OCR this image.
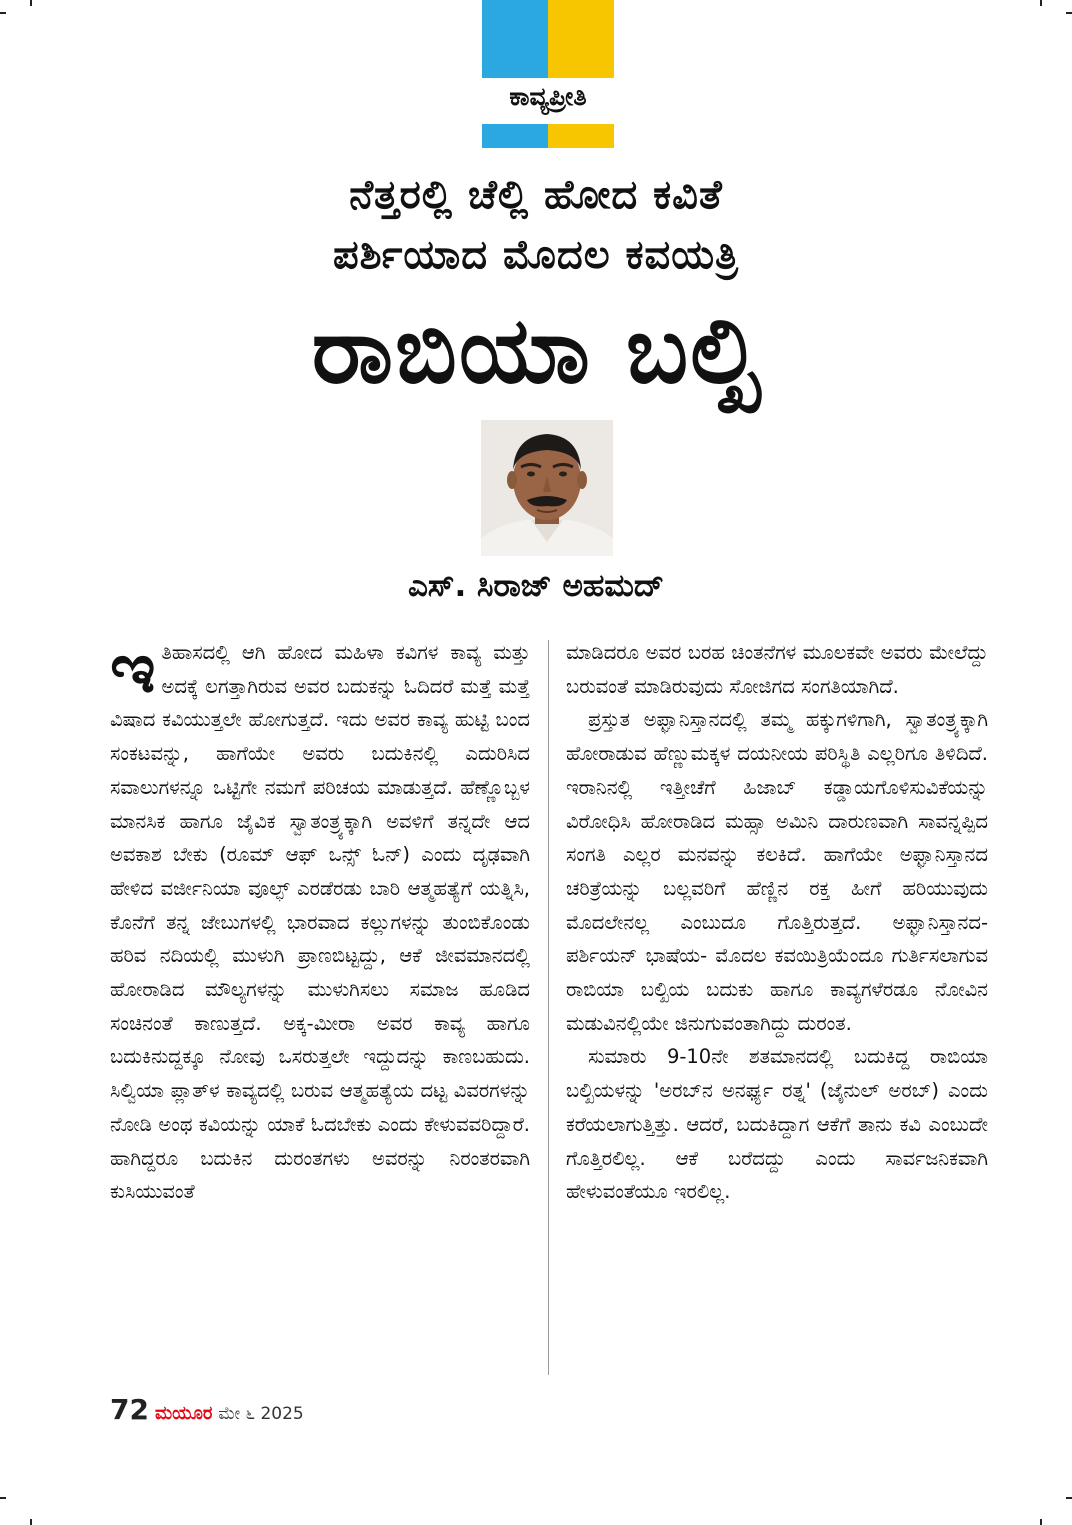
ಕಾವ್ಯಪ್ರೀತಿ
ನೆತ್ತರಲ್ಲಿ ಚೆಲ್ಲಿ ಹೋದ ಕವಿತೆ
ಪರ್ಶಿಯಾದ ಮೊದಲ ಕವಯತ್ರಿ
ರಾಬಿಯಾ ಬಲ್ಖಿ
ಎಸ್‌. ಸಿರಾಜ್ ಅಹಮದ್

ಇತಿಹಾಸದಲ್ಲಿ ಆಗಿ ಹೋದ ಮಹಿಳಾ ಕವಿಗಳ ಕಾವ್ಯ ಮತ್ತು ಅದಕ್ಕೆ ಲಗತ್ತಾಗಿರುವ ಅವರ ಬದುಕನ್ನು ಓದಿದರೆ ಮತ್ತೆ ಮತ್ತೆ ವಿಷಾದ ಕವಿಯುತ್ತಲೇ ಹೋಗುತ್ತದೆ. ಇದು ಅವರ ಕಾವ್ಯ ಹುಟ್ಟಿ ಬಂದ ಸಂಕಟವನ್ನು, ಹಾಗೆಯೇ ಅವರು ಬದುಕಿನಲ್ಲಿ ಎದುರಿಸಿದ ಸವಾಲುಗಳನ್ನೂ ಒಟ್ಟಿಗೇ ನಮಗೆ ಪರಿಚಯ ಮಾಡುತ್ತದೆ. ಹೆಣ್ಣೊಬ್ಬಳ ಮಾನಸಿಕ ಹಾಗೂ ಜೈವಿಕ ಸ್ವಾತಂತ್ರ್ಯಕ್ಕಾಗಿ ಅವಳಿಗೆ ತನ್ನದೇ ಆದ ಅವಕಾಶ ಬೇಕು (ರೂಮ್ ಆಫ್ ಒನ್ಸ್ ಓನ್) ಎಂದು ದೃಢವಾಗಿ ಹೇಳಿದ ವರ್ಜೀನಿಯಾ ವೂಲ್ಫ್ ಎರಡೆರಡು ಬಾರಿ ಆತ್ಮಹತ್ಯೆಗೆ ಯತ್ನಿಸಿ, ಕೊನೆಗೆ ತನ್ನ ಜೇಬುಗಳಲ್ಲಿ ಭಾರವಾದ ಕಲ್ಲುಗಳನ್ನು ತುಂಬಿಕೊಂಡು ಹರಿವ ನದಿಯಲ್ಲಿ ಮುಳುಗಿ ಪ್ರಾಣಬಿಟ್ಟದ್ದು, ಆಕೆ ಜೀವಮಾನದಲ್ಲಿ ಹೋರಾಡಿದ ಮೌಲ್ಯಗಳನ್ನು ಮುಳುಗಿಸಲು ಸಮಾಜ ಹೂಡಿದ ಸಂಚಿನಂತೆ ಕಾಣುತ್ತದೆ. ಅಕ್ಕ-ಮೀರಾ ಅವರ ಕಾವ್ಯ ಹಾಗೂ ಬದುಕಿನುದ್ದಕ್ಕೂ ನೋವು ಒಸರುತ್ತಲೇ ಇದ್ದುದನ್ನು ಕಾಣಬಹುದು. ಸಿಲ್ವಿಯಾ ಪ್ಲಾತ್‌ಳ ಕಾವ್ಯದಲ್ಲಿ ಬರುವ ಆತ್ಮಹತ್ಯೆಯ ದಟ್ಟ ವಿವರಗಳನ್ನು ನೋಡಿ ಅಂಥ ಕವಿಯನ್ನು ಯಾಕೆ ಓದಬೇಕು ಎಂದು ಕೇಳುವವರಿದ್ದಾರೆ. ಹಾಗಿದ್ದರೂ ಬದುಕಿನ ದುರಂತಗಳು ಅವರನ್ನು ನಿರಂತರವಾಗಿ ಕುಸಿಯುವಂತೆ

ಮಾಡಿದರೂ ಅವರ ಬರಹ ಚಿಂತನೆಗಳ ಮೂಲಕವೇ ಅವರು ಮೇಲೆದ್ದು ಬರುವಂತೆ ಮಾಡಿರುವುದು ಸೋಜಿಗದ ಸಂಗತಿಯಾಗಿದೆ.

ಪ್ರಸ್ತುತ ಅಫ್ಘಾನಿಸ್ತಾನದಲ್ಲಿ ತಮ್ಮ ಹಕ್ಕುಗಳಿಗಾಗಿ, ಸ್ವಾತಂತ್ರ್ಯಕ್ಕಾಗಿ ಹೋರಾಡುವ ಹೆಣ್ಣುಮಕ್ಕಳ ದಯನೀಯ ಪರಿಸ್ಥಿತಿ ಎಲ್ಲರಿಗೂ ತಿಳಿದಿದೆ. ಇರಾನಿನಲ್ಲಿ ಇತ್ತೀಚೆಗೆ ಹಿಜಾಬ್ ಕಡ್ಡಾಯಗೊಳಿಸುವಿಕೆಯನ್ನು ವಿರೋಧಿಸಿ ಹೋರಾಡಿದ ಮಹ್ಸಾ ಅಮಿನಿ ದಾರುಣವಾಗಿ ಸಾವನ್ನಪ್ಪಿದ ಸಂಗತಿ ಎಲ್ಲರ ಮನವನ್ನು ಕಲಕಿದೆ. ಹಾಗೆಯೇ ಅಫ್ಘಾನಿಸ್ತಾನದ ಚರಿತ್ರೆಯನ್ನು ಬಲ್ಲವರಿಗೆ ಹೆಣ್ಣಿನ ರಕ್ತ ಹೀಗೆ ಹರಿಯುವುದು ಮೊದಲೇನಲ್ಲ ಎಂಬುದೂ ಗೊತ್ತಿರುತ್ತದೆ. ಅಫ್ಘಾನಿಸ್ತಾನದ- ಪರ್ಶಿಯನ್ ಭಾಷೆಯ- ಮೊದಲ ಕವಯಿತ್ರಿಯೆಂದೂ ಗುರ್ತಿಸಲಾಗುವ ರಾಬಿಯಾ ಬಲ್ಖಿಯ ಬದುಕು ಹಾಗೂ ಕಾವ್ಯಗಳೆರಡೂ ನೋವಿನ ಮಡುವಿನಲ್ಲಿಯೇ ಜಿನುಗುವಂತಾಗಿದ್ದು ದುರಂತ.

ಸುಮಾರು 9-10ನೇ ಶತಮಾನದಲ್ಲಿ ಬದುಕಿದ್ದ ರಾಬಿಯಾ ಬಲ್ಖಿಯಳನ್ನು 'ಅರಬ್‌ನ ಅನರ್ಘ್ಯ ರತ್ನ' (ಜೈನುಲ್ ಅರಬ್) ಎಂದು ಕರೆಯಲಾಗುತ್ತಿತ್ತು. ಆದರೆ, ಬದುಕಿದ್ದಾಗ ಆಕೆಗೆ ತಾನು ಕವಿ ಎಂಬುದೇ ಗೊತ್ತಿರಲಿಲ್ಲ. ಆಕೆ ಬರೆದದ್ದು ಎಂದು ಸಾರ್ವಜನಿಕವಾಗಿ ಹೇಳುವಂತೆಯೂ ಇರಲಿಲ್ಲ.

72 ಮಯೂರ ಮೇ ೬ 2025
